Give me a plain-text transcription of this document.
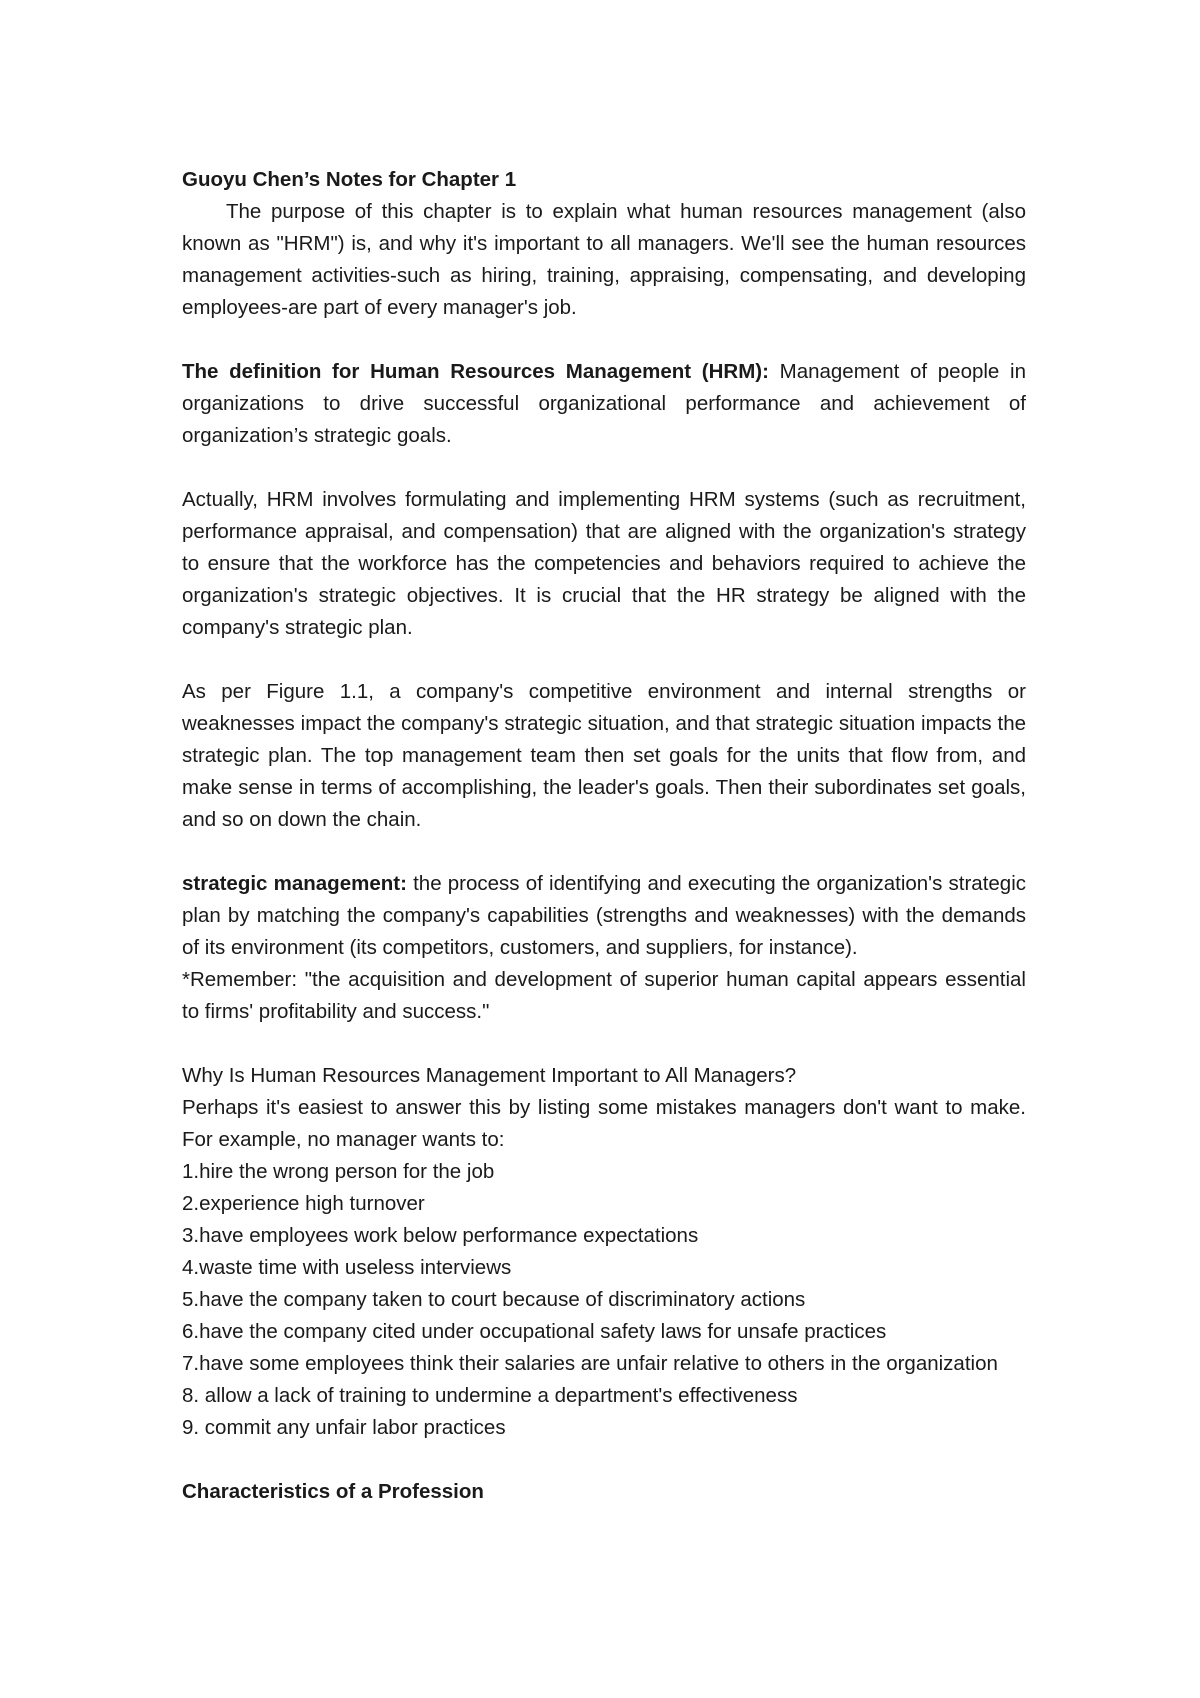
Guoyu Chen’s Notes for Chapter 1

The purpose of this chapter is to explain what human resources management (also known as "HRM") is, and why it's important to all managers. We'll see the human resources management activities-such as hiring, training, appraising, compensating, and developing employees-are part of every manager's job.

The definition for Human Resources Management (HRM): Management of people in organizations to drive successful organizational performance and achievement of organization’s strategic goals.

Actually, HRM involves formulating and implementing HRM systems (such as recruitment, performance appraisal, and compensation) that are aligned with the organization's strategy to ensure that the workforce has the competencies and behaviors required to achieve the organization's strategic objectives. It is crucial that the HR strategy be aligned with the company's strategic plan.

As per Figure 1.1, a company's competitive environment and internal strengths or weaknesses impact the company's strategic situation, and that strategic situation impacts the strategic plan. The top management team then set goals for the units that flow from, and make sense in terms of accomplishing, the leader's goals. Then their subordinates set goals, and so on down the chain.

strategic management: the process of identifying and executing the organization's strategic plan by matching the company's capabilities (strengths and weaknesses) with the demands of its environment (its competitors, customers, and suppliers, for instance).

*Remember: "the acquisition and development of superior human capital appears essential to firms' profitability and success."

Why Is Human Resources Management Important to All Managers?

Perhaps it's easiest to answer this by listing some mistakes managers don't want to make. For example, no manager wants to:

1.hire the wrong person for the job
2.experience high turnover
3.have employees work below performance expectations
4.waste time with useless interviews
5.have the company taken to court because of discriminatory actions
6.have the company cited under occupational safety laws for unsafe practices
7.have some employees think their salaries are unfair relative to others in the organization
8. allow a lack of training to undermine a department's effectiveness
9. commit any unfair labor practices

Characteristics of a Profession
